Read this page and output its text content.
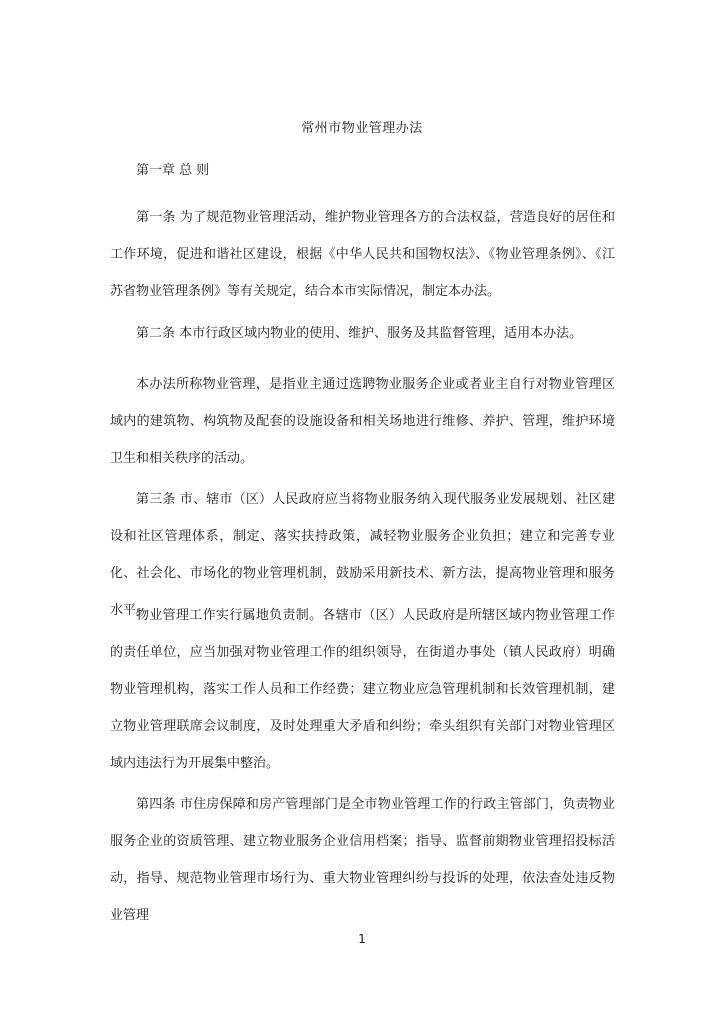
常州市物业管理办法

第一章 总 则

第一条 为了规范物业管理活动，维护物业管理各方的合法权益，营造良好的居住和工作环境，促进和谐社区建设，根据《中华人民共和国物权法》、《物业管理条例》、《江苏省物业管理条例》等有关规定，结合本市实际情况，制定本办法。

第二条 本市行政区域内物业的使用、维护、服务及其监督管理，适用本办法。

本办法所称物业管理，是指业主通过选聘物业服务企业或者业主自行对物业管理区域内的建筑物、构筑物及配套的设施设备和相关场地进行维修、养护、管理，维护环境卫生和相关秩序的活动。

第三条 市、辖市（区）人民政府应当将物业服务纳入现代服务业发展规划、社区建设和社区管理体系，制定、落实扶持政策，减轻物业服务企业负担；建立和完善专业化、社会化、市场化的物业管理机制，鼓励采用新技术、新方法，提高物业管理和服务水平。

物业管理工作实行属地负责制。各辖市（区）人民政府是所辖区域内物业管理工作的责任单位，应当加强对物业管理工作的组织领导，在街道办事处（镇人民政府）明确物业管理机构，落实工作人员和工作经费；建立物业应急管理机制和长效管理机制，建立物业管理联席会议制度，及时处理重大矛盾和纠纷；牵头组织有关部门对物业管理区域内违法行为开展集中整治。

第四条 市住房保障和房产管理部门是全市物业管理工作的行政主管部门，负责物业服务企业的资质管理、建立物业服务企业信用档案；指导、监督前期物业管理招投标活动，指导、规范物业管理市场行为、重大物业管理纠纷与投诉的处理，依法查处违反物业管理

1
